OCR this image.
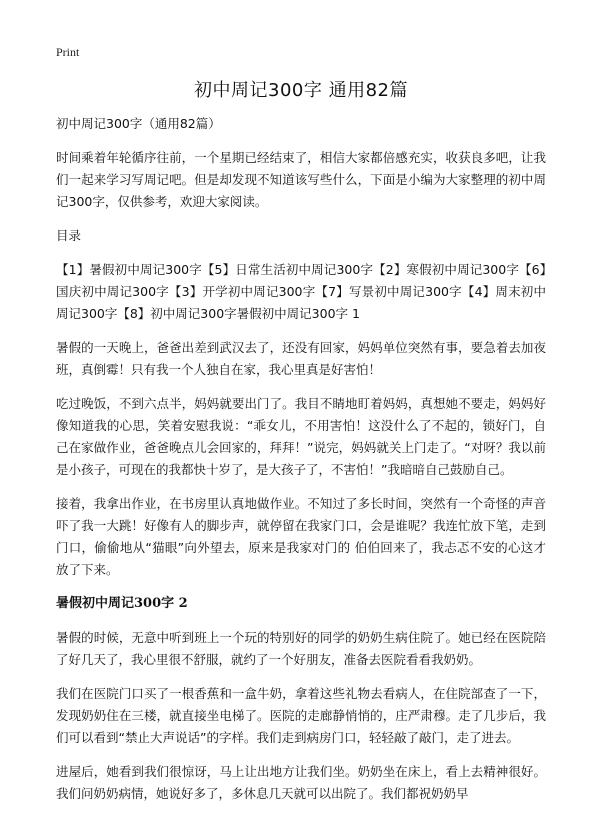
Print
初中周记300字 通用82篇

初中周记300字（通用82篇）

时间乘着年轮循序往前，一个星期已经结束了，相信大家都倍感充实，收获良多吧，让我们一起来学习写周记吧。但是却发现不知道该写些什么，下面是小编为大家整理的初中周记300字，仅供参考，欢迎大家阅读。

目录

【1】暑假初中周记300字【5】日常生活初中周记300字【2】寒假初中周记300字【6】国庆初中周记300字【3】开学初中周记300字【7】写景初中周记300字【4】周末初中周记300字【8】初中周记300字暑假初中周记300字 1

暑假的一天晚上，爸爸出差到武汉去了，还没有回家，妈妈单位突然有事，要急着去加夜班，真倒霉！只有我一个人独自在家，我心里真是好害怕！

吃过晚饭，不到六点半，妈妈就要出门了。我目不睛地盯着妈妈，真想她不要走，妈妈好像知道我的心思，笑着安慰我说：“乖女儿，不用害怕！这没什么了不起的，锁好门，自己在家做作业，爸爸晚点儿会回家的，拜拜！”说完，妈妈就关上门走了。“对呀？我以前是小孩子，可现在的我都快十岁了，是大孩子了，不害怕！”我暗暗自己鼓励自己。

接着，我拿出作业，在书房里认真地做作业。不知过了多长时间，突然有一个奇怪的声音吓了我一大跳！好像有人的脚步声，就停留在我家门口，会是谁呢？我连忙放下笔，走到门口，偷偷地从“猫眼”向外望去，原来是我家对门的 伯伯回来了，我忐忑不安的心这才放了下来。

暑假初中周记300字 2

暑假的时候，无意中听到班上一个玩的特别好的同学的奶奶生病住院了。她已经在医院陪了好几天了，我心里很不舒服，就约了一个好朋友，准备去医院看看我奶奶。

我们在医院门口买了一根香蕉和一盒牛奶，拿着这些礼物去看病人，在住院部查了一下，发现奶奶住在三楼，就直接坐电梯了。医院的走廊静悄悄的，庄严肃穆。走了几步后，我们可以看到“禁止大声说话”的字样。我们走到病房门口，轻轻敲了敲门，走了进去。

进屋后，她看到我们很惊讶，马上让出地方让我们坐。奶奶坐在床上，看上去精神很好。我们问奶奶病情，她说好多了，多休息几天就可以出院了。我们都祝奶奶早
